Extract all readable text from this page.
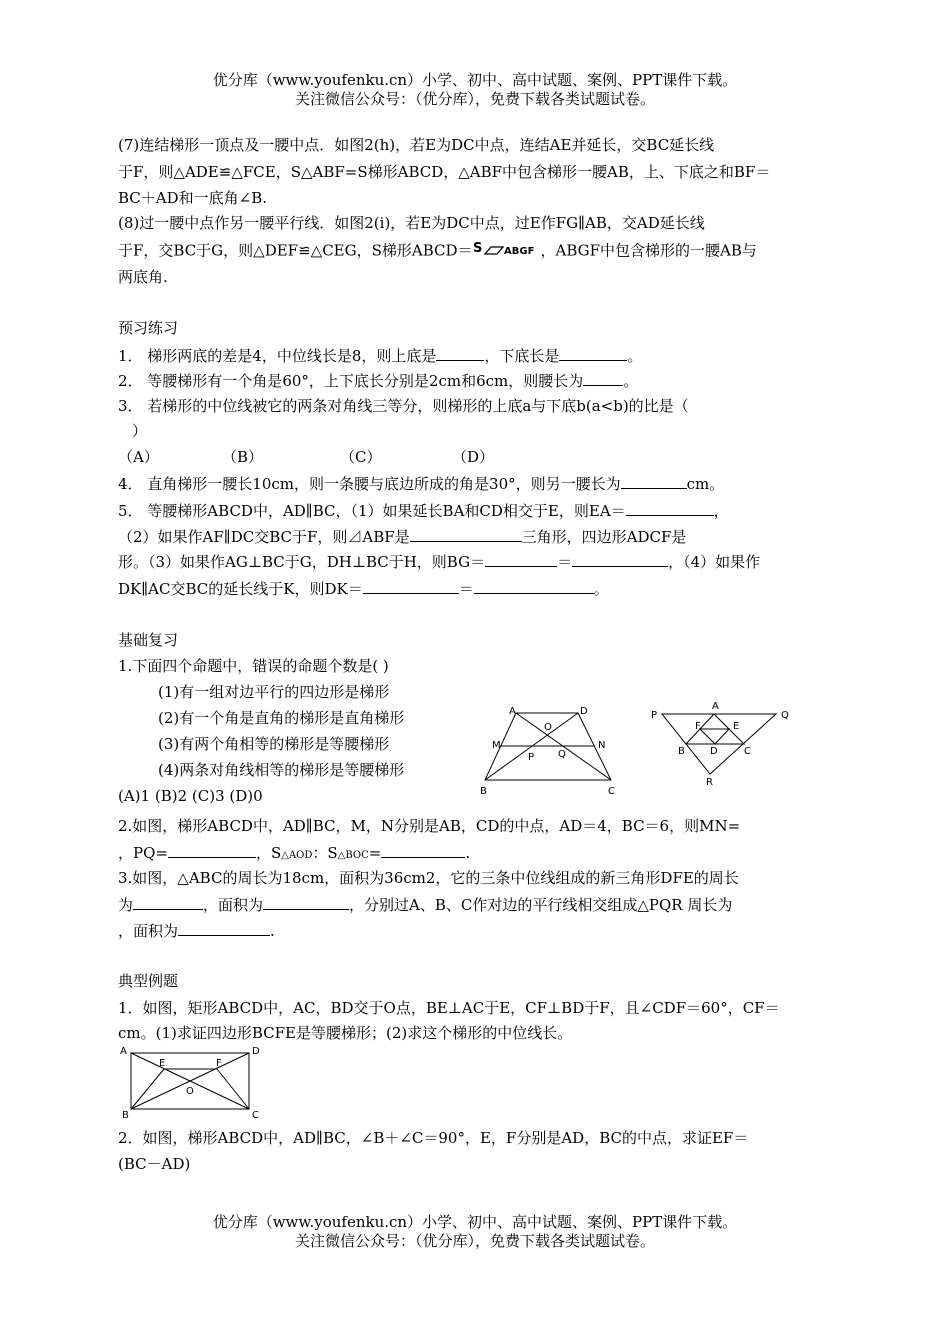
优分库（www.youfenku.cn）小学、初中、高中试题、案例、PPT课件下载。
关注微信公众号：（优分库），免费下载各类试题试卷。
(7)连结梯形一顶点及一腰中点．如图2(h)，若E为DC中点，连结AE并延长，交BC延长线
于F，则△ADE≌△FCE，S△ABF=S梯形ABCD，△ABF中包含梯形一腰AB，上、下底之和BF＝
BC＋AD和一底角∠B.
(8)过一腰中点作另一腰平行线．如图2(i)，若E为DC中点，过E作FG∥AB，交AD延长线
于F，交BC于G，则△DEF≌△CEG，S梯形ABCD＝ S ABGF ，ABGF中包含梯形的一腰AB与
两底角.
预习练习
1． 梯形两底的差是4，中位线长是8，则上底是	，下底长是	。
2． 等腰梯形有一个角是60°，上下底长分别是2cm和6cm，则腰长为	。
3． 若梯形的中位线被它的两条对角线三等分，则梯形的上底a与下底b(a<b)的比是（
）
（A）	（B）	（C）	（D）
4． 直角梯形一腰长10cm，则一条腰与底边所成的角是30°，则另一腰长为	cm。
5． 等腰梯形ABCD中，AD∥BC，（1）如果延长BA和CD相交于E，则EA＝	，
（2）如果作AF∥DC交BC于F，则⊿ABF是	三角形，四边形ADCF是
形。（3）如果作AG⊥BC于G，DH⊥BC于H，则BG＝	＝	，（4）如果作
DK∥AC交BC的延长线于K，则DK＝	＝	。
基础复习
1.下面四个命题中，错误的命题个数是( )
(1)有一组对边平行的四边形是梯形
(2)有一个角是直角的梯形是直角梯形
(3)有两个角相等的梯形是等腰梯形
(4)两条对角线相等的梯形是等腰梯形
(A)1 (B)2 (C)3 (D)0
A	D
O
M
P Q
N
B	C
P
A
Q
F	E
B	D	C
R
2.如图，梯形ABCD中，AD∥BC，M，N分别是AB，CD的中点，AD＝4，BC＝6，则MN=
，PQ=	，S△AOD：S△BOC=	.
3.如图，△ABC的周长为18cm，面积为36cm2，它的三条中位线组成的新三角形DFE的周长
为	，面积为	，分别过A、B、C作对边的平行线相交组成△PQR 周长为
，面积为	.
典型例题
1．如图，矩形ABCD中，AC，BD交于O点，BE⊥AC于E，CF⊥BD于F，且∠CDF＝60°，CF＝
cm。(1)求证四边形BCFE是等腰梯形；(2)求这个梯形的中位线长。
A	D
E	F
O
B	C
2．如图，梯形ABCD中，AD∥BC，∠B＋∠C＝90°，E，F分别是AD，BC的中点，求证EF＝
(BC－AD)
优分库（www.youfenku.cn）小学、初中、高中试题、案例、PPT课件下载。
关注微信公众号：（优分库），免费下载各类试题试卷。
